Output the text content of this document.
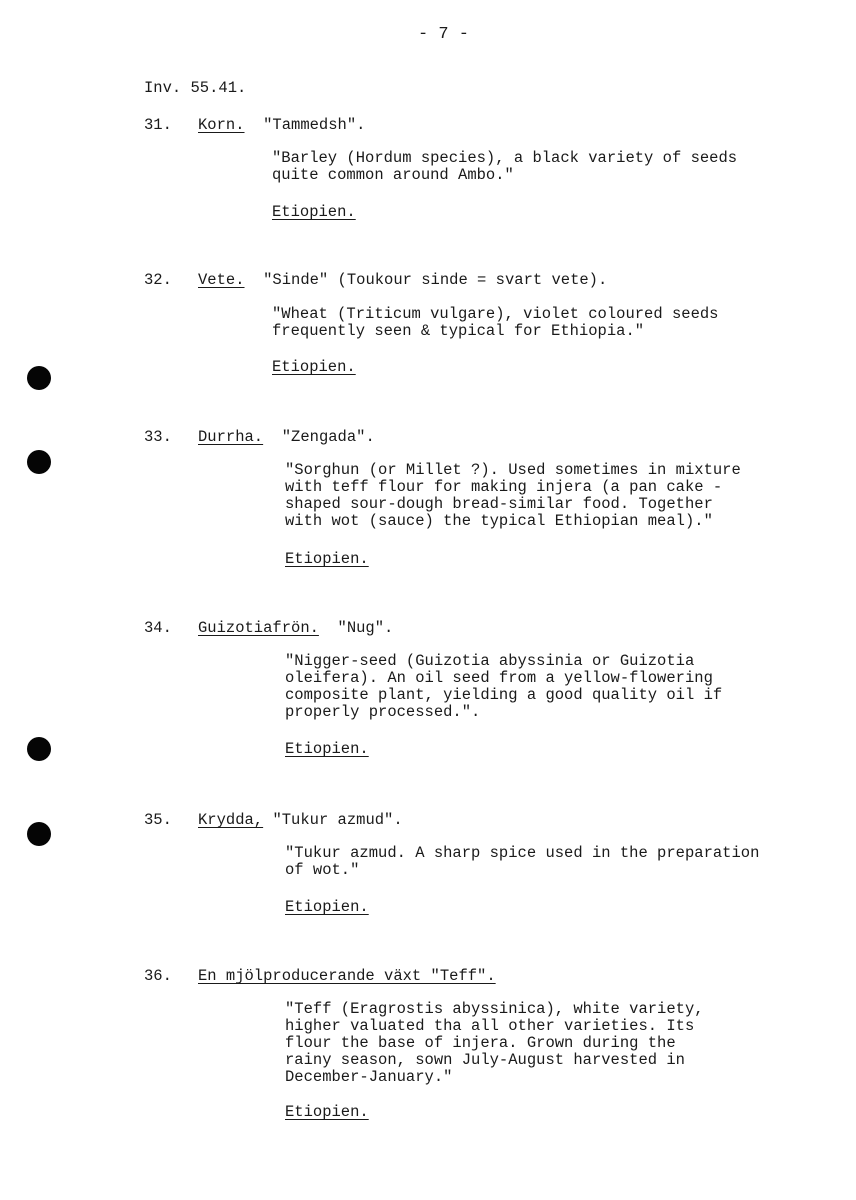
- 7 -
Inv. 55.41.
31. Korn. "Tammedsh".
"Barley (Hordum species), a black variety of seeds
quite common around Ambo."
Etiopien.
32. Vete. "Sinde" (Toukour sinde = svart vete).
"Wheat (Triticum vulgare), violet coloured seeds
frequently seen & typical for Ethiopia."
Etiopien.
33. Durrha. "Zengada".
"Sorghun (or Millet ?). Used sometimes in mixture
with teff flour for making injera (a pan cake -
shaped sour-dough bread-similar food. Together
with wot (sauce) the typical Ethiopian meal)."
Etiopien.
34. Guizotiafrön. "Nug".
"Nigger-seed (Guizotia abyssinia or Guizotia
oleifera). An oil seed from a yellow-flowering
composite plant, yielding a good quality oil if
properly processed.".
Etiopien.
35. Krydda, "Tukur azmud".
"Tukur azmud. A sharp spice used in the preparation
of wot."
Etiopien.
36. En mjölproducerande växt "Teff".
"Teff (Eragrostis abyssinica), white variety,
higher valuated tha all other varieties. Its
flour the base of injera. Grown during the
rainy season, sown July-August harvested in
December-January."
Etiopien.
